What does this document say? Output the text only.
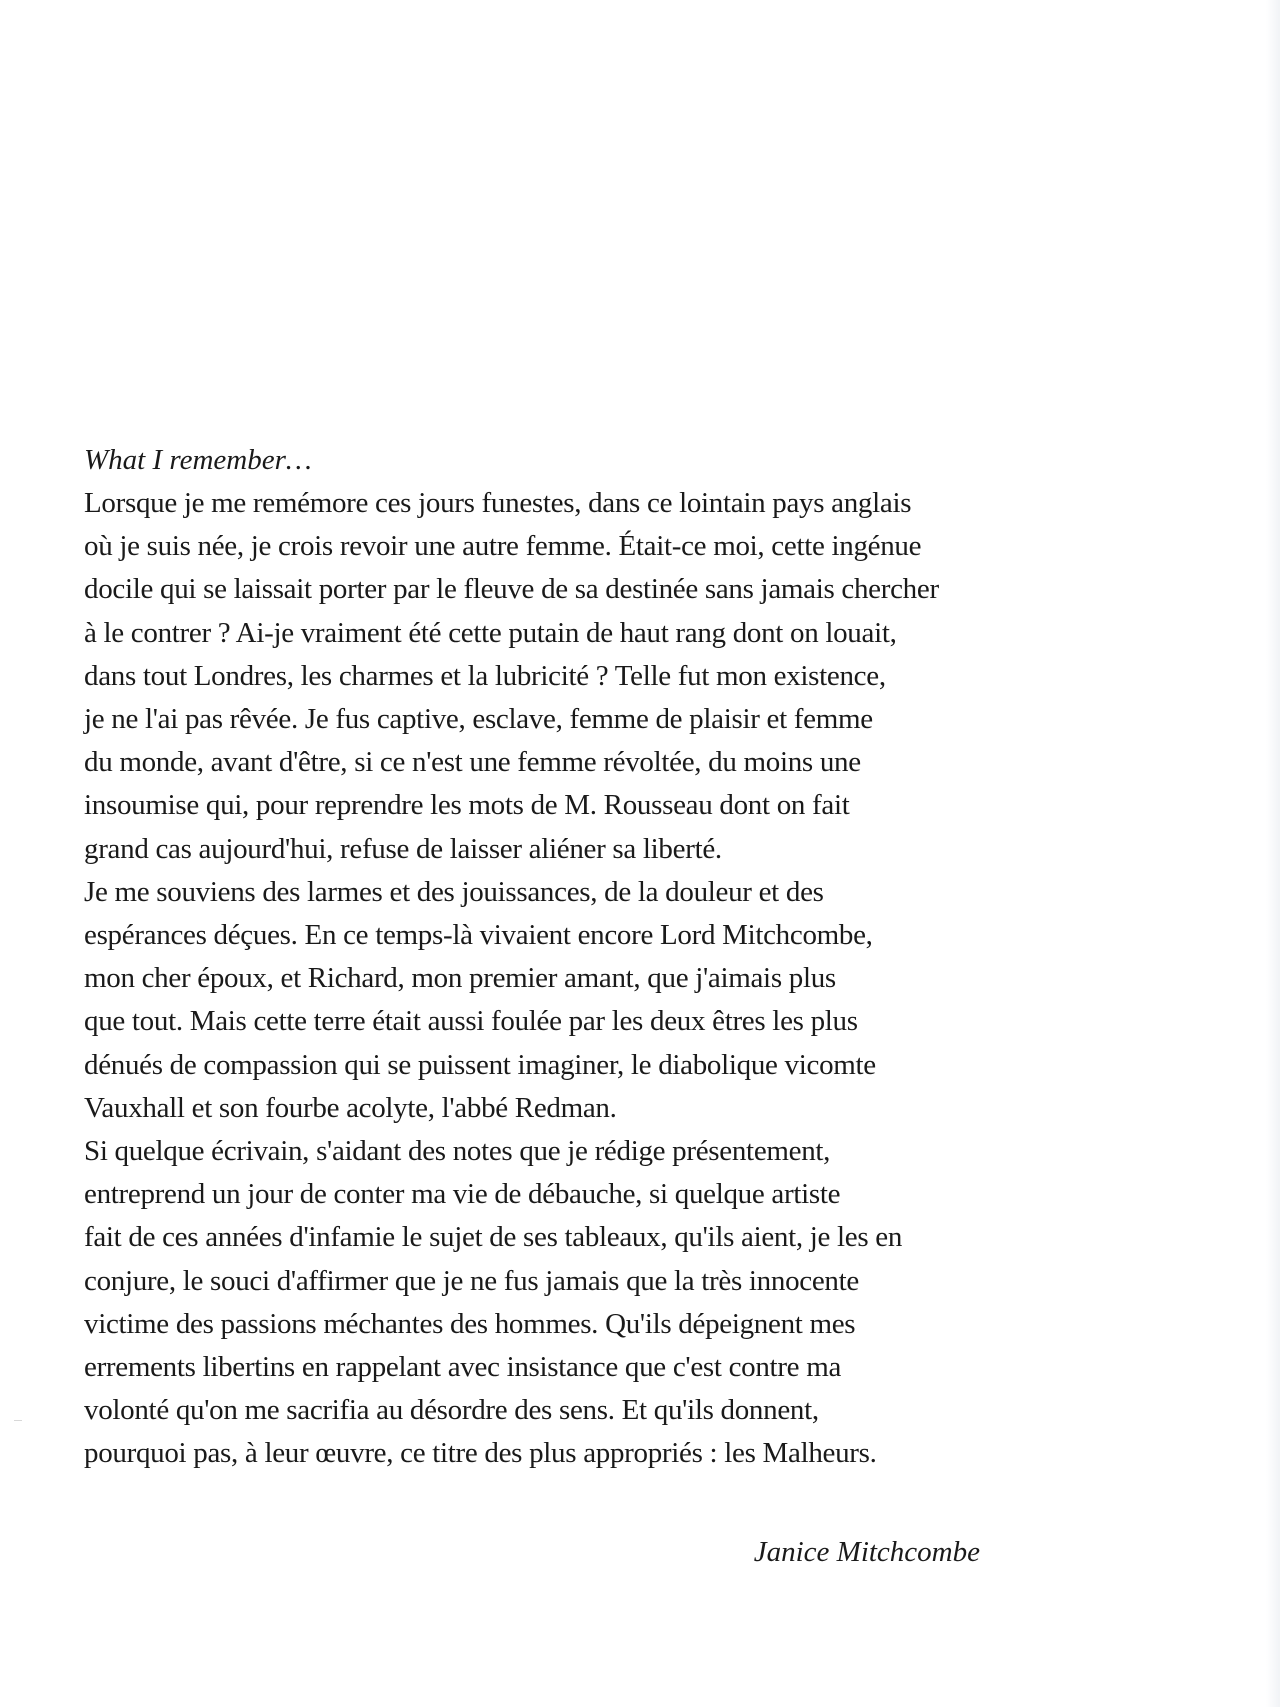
What I remember…
Lorsque je me remémore ces jours funestes, dans ce lointain pays anglais
où je suis née, je crois revoir une autre femme. Était-ce moi, cette ingénue
docile qui se laissait porter par le fleuve de sa destinée sans jamais chercher
à le contrer ? Ai-je vraiment été cette putain de haut rang dont on louait,
dans tout Londres, les charmes et la lubricité ? Telle fut mon existence,
je ne l'ai pas rêvée. Je fus captive, esclave, femme de plaisir et femme
du monde, avant d'être, si ce n'est une femme révoltée, du moins une
insoumise qui, pour reprendre les mots de M. Rousseau dont on fait
grand cas aujourd'hui, refuse de laisser aliéner sa liberté.
Je me souviens des larmes et des jouissances, de la douleur et des
espérances déçues. En ce temps-là vivaient encore Lord Mitchcombe,
mon cher époux, et Richard, mon premier amant, que j'aimais plus
que tout. Mais cette terre était aussi foulée par les deux êtres les plus
dénués de compassion qui se puissent imaginer, le diabolique vicomte
Vauxhall et son fourbe acolyte, l'abbé Redman.
Si quelque écrivain, s'aidant des notes que je rédige présentement,
entreprend un jour de conter ma vie de débauche, si quelque artiste
fait de ces années d'infamie le sujet de ses tableaux, qu'ils aient, je les en
conjure, le souci d'affirmer que je ne fus jamais que la très innocente
victime des passions méchantes des hommes. Qu'ils dépeignent mes
errements libertins en rappelant avec insistance que c'est contre ma
volonté qu'on me sacrifia au désordre des sens. Et qu'ils donnent,
pourquoi pas, à leur œuvre, ce titre des plus appropriés : les Malheurs.
Janice Mitchcombe
